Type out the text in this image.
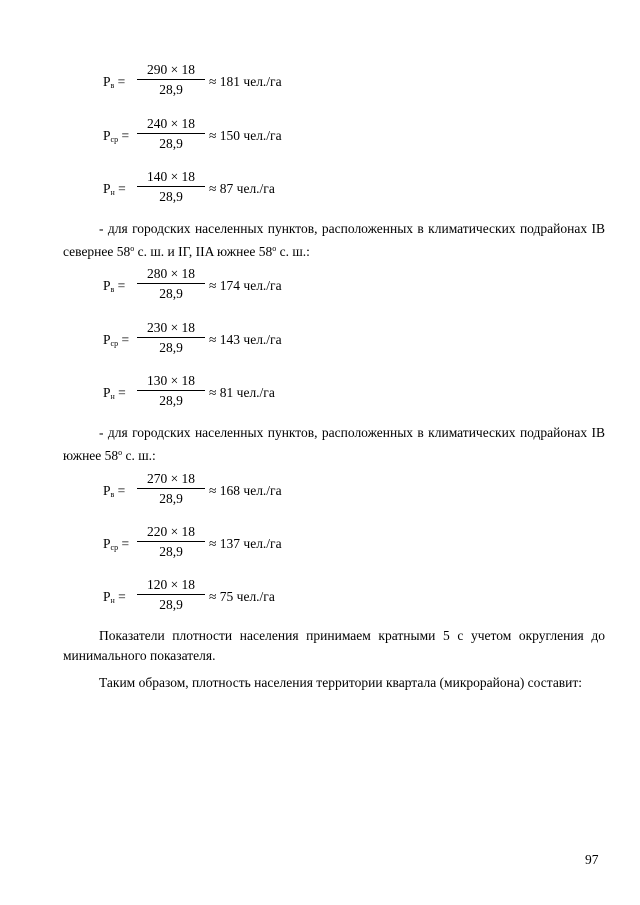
$P_в$ =
290 × 18
28,9
≈ 181 чел./га
$P_{ср}$ =
240 × 18
28,9
≈ 150 чел./га
$P_н$ =
140 × 18
28,9
≈ 87 чел./га

- для городских населенных пунктов, расположенных в климатических подрайонах IB севернее $58^о$ с. ш. и IГ, IIA южнее $58^о$ с. ш.:

$P_в$ =
280 × 18
28,9
≈ 174 чел./га
$P_{ср}$ =
230 × 18
28,9
≈ 143 чел./га
$P_н$ =
130 × 18
28,9
≈ 81 чел./га

- для городских населенных пунктов, расположенных в климатических подрайонах IB южнее $58^о$ с. ш.:

$P_в$ =
270 × 18
28,9
≈ 168 чел./га
$P_{ср}$ =
220 × 18
28,9
≈ 137 чел./га
$P_н$ =
120 × 18
28,9
≈ 75 чел./га

Показатели плотности населения принимаем кратными 5 с учетом округления до минимального показателя.

Таким образом, плотность населения территории квартала (микрорайона) составит:

97
